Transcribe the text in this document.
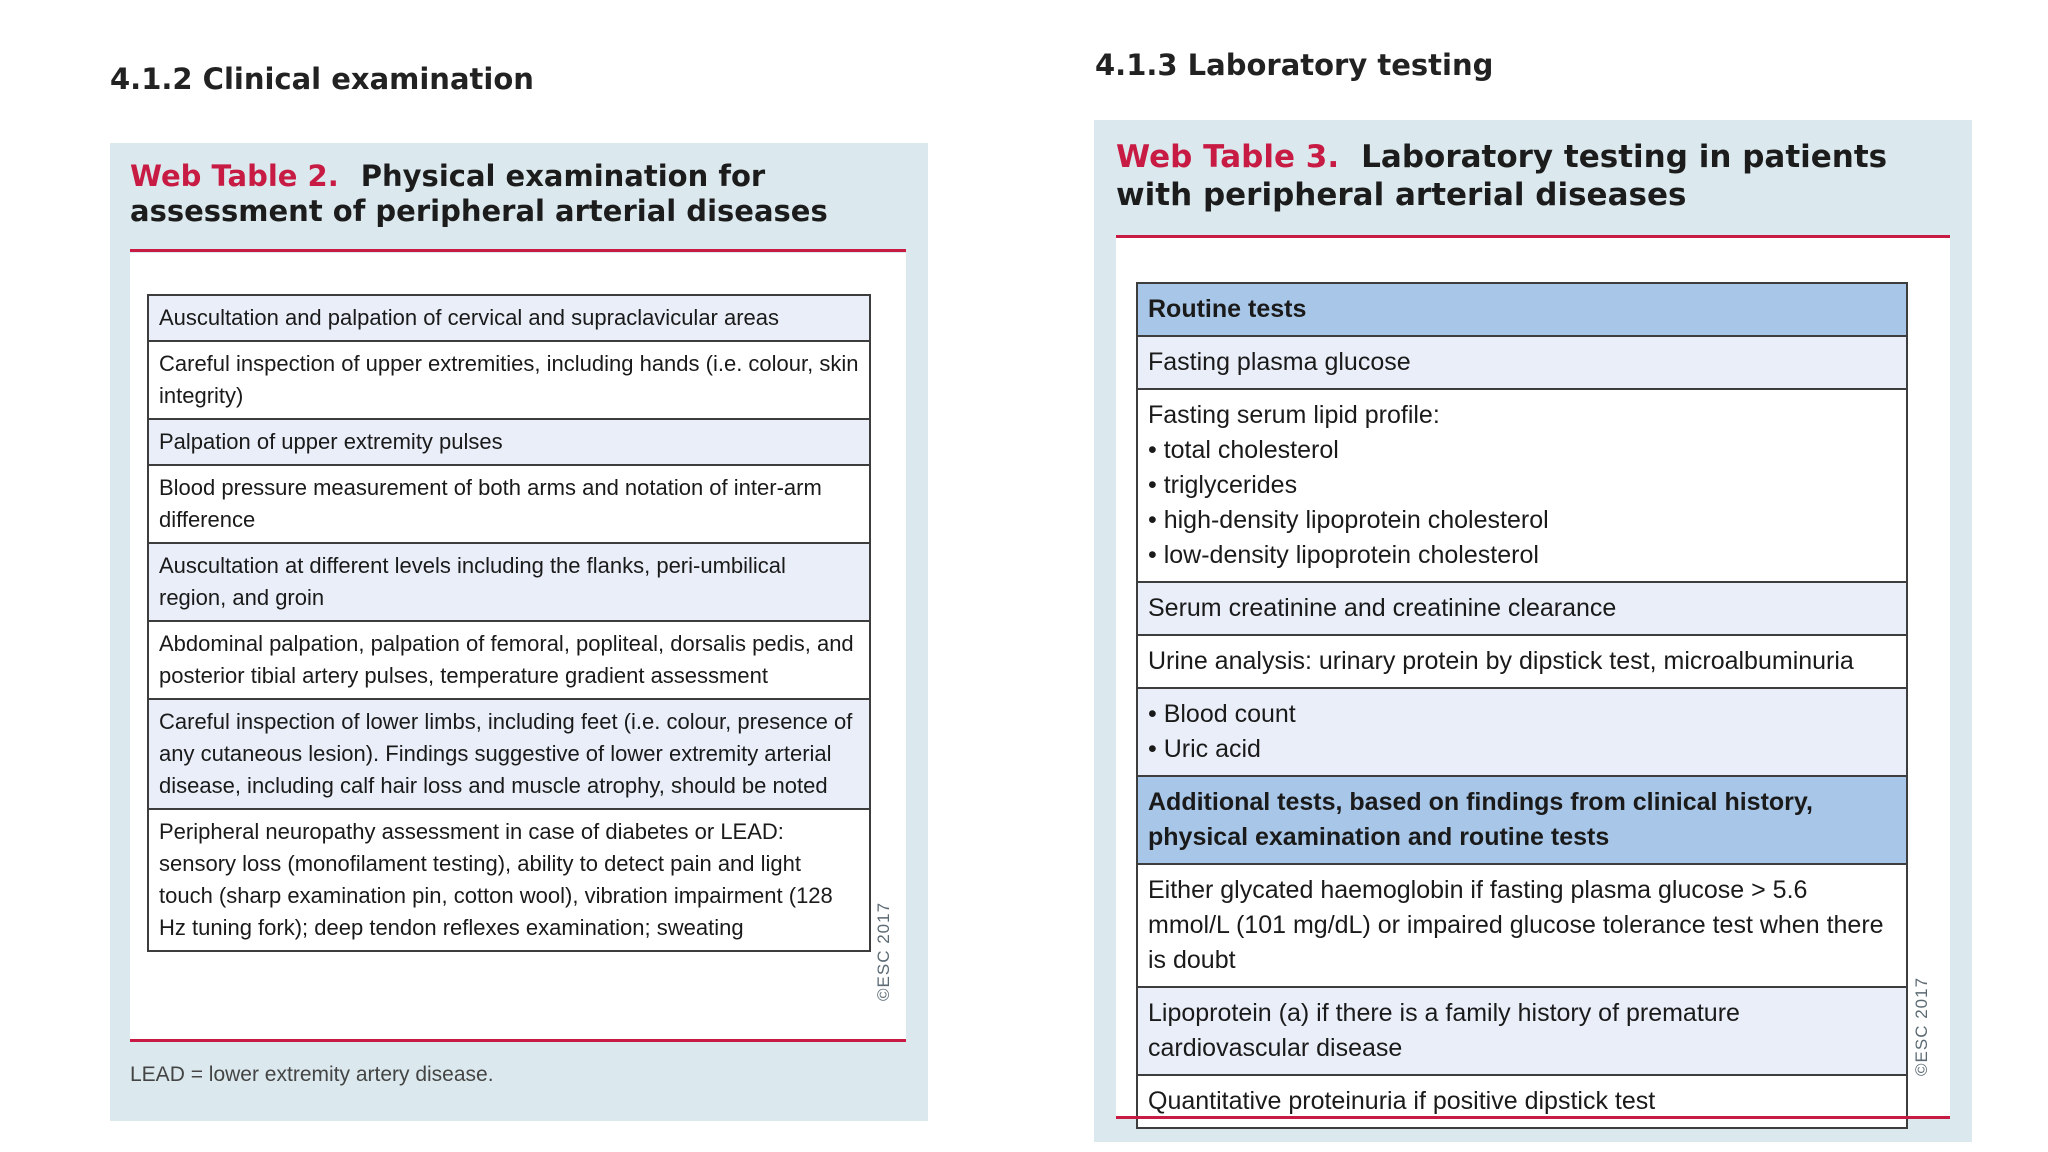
4.1.2 Clinical examination	4.1.3 Laboratory testing
Web Table 2. Physical examination for assessment of peripheral arterial diseases
Auscultation and palpation of cervical and supraclavicular areas
Careful inspection of upper extremities, including hands (i.e. colour, skin integrity)
Palpation of upper extremity pulses
Blood pressure measurement of both arms and notation of inter-arm difference
Auscultation at different levels including the flanks, peri-umbilical region, and groin
Abdominal palpation, palpation of femoral, popliteal, dorsalis pedis, and posterior tibial artery pulses, temperature gradient assessment
Careful inspection of lower limbs, including feet (i.e. colour, presence of any cutaneous lesion). Findings suggestive of lower extremity arterial disease, including calf hair loss and muscle atrophy, should be noted
Peripheral neuropathy assessment in case of diabetes or LEAD: sensory loss (monofilament testing), ability to detect pain and light touch (sharp examination pin, cotton wool), vibration impairment (128 Hz tuning fork); deep tendon reflexes examination; sweating	©ESC 2017

LEAD = lower extremity artery disease.

Web Table 3. Laboratory testing in patients with peripheral arterial diseases
Routine tests
Fasting plasma glucose
Fasting serum lipid profile:
• total cholesterol
• triglycerides
• high-density lipoprotein cholesterol
• low-density lipoprotein cholesterol

Serum creatinine and creatinine clearance
Urine analysis: urinary protein by dipstick test, microalbuminuria

• Blood count
• Uric acid

Additional tests, based on findings from clinical history, physical examination and routine tests
Either glycated haemoglobin if fasting plasma glucose > 5.6 mmol/L (101 mg/dL) or impaired glucose tolerance test when there is doubt
Lipoprotein (a) if there is a family history of premature cardiovascular disease
Quantitative proteinuria if positive dipstick test
©ESC 2017
